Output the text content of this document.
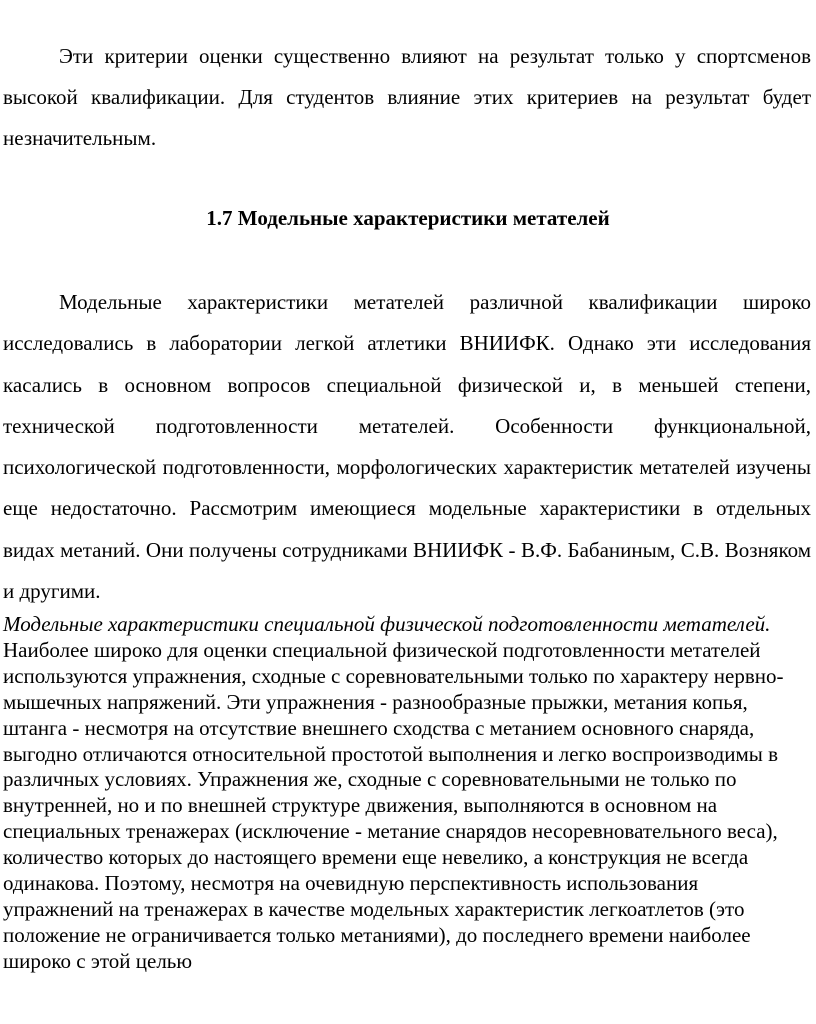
Эти критерии оценки существенно влияют на результат только у спортсменов высокой квалификации. Для студентов влияние этих критериев на результат будет незначительным.

1.7 Модельные характеристики метателей

Модельные характеристики метателей различной квалификации широко исследовались в лаборатории легкой атлетики ВНИИФК. Однако эти исследования касались в основном вопросов специальной физической и, в меньшей степени, технической подготовленности метателей. Особенности функциональной, психологической подготовленности, морфологических характеристик метателей изучены еще недостаточно. Рассмотрим имеющиеся модельные характеристики в отдельных видах метаний. Они получены сотрудниками ВНИИФК - В.Ф. Бабаниным, С.В. Возняком и другими.

Модельные характеристики специальной физической подготовленности метателей. Наиболее широко для оценки специальной физической подготовленности метателей используются упражнения, сходные с соревновательными только по характеру нервно-мышечных напряжений. Эти упражнения - разнообразные прыжки, метания копья, штанга - несмотря на отсутствие внешнего сходства с метанием основного снаряда, выгодно отличаются относительной простотой выполнения и легко воспроизводимы в различных условиях. Упражнения же, сходные с соревновательными не только по внутренней, но и по внешней структуре движения, выполняются в основном на специальных тренажерах (исключение - метание снарядов несоревновательного веса), количество которых до настоящего времени еще невелико, а конструкция не всегда одинакова. Поэтому, несмотря на очевидную перспективность использования упражнений на тренажерах в качестве модельных характеристик легкоатлетов (это положение не ограничивается только метаниями), до последнего времени наиболее широко с этой целью
